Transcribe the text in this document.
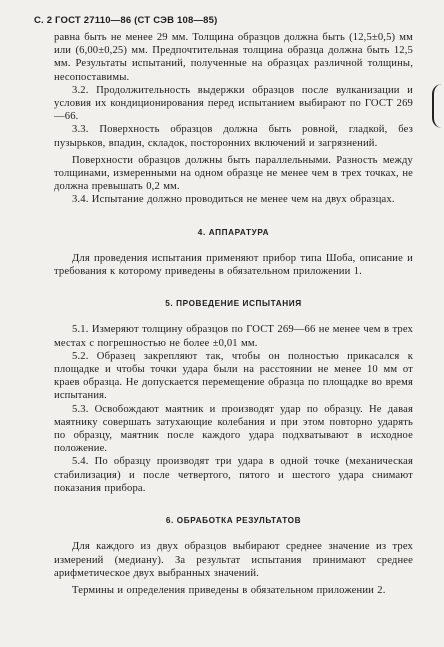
С. 2 ГОСТ 27110—86 (СТ СЭВ 108—85)

равна быть не менее 29 мм. Толщина образцов должна быть (12,5±0,5) мм или (6,00±0,25) мм. Предпочтительная толщина образца должна быть 12,5 мм. Результаты испытаний, полученные на образцах различной толщины, несопоставимы.

3.2. Продолжительность выдержки образцов после вулканизации и условия их кондиционирования перед испытанием выбирают по ГОСТ 269—66.

3.3. Поверхность образцов должна быть ровной, гладкой, без пузырьков, впадин, складок, посторонних включений и загрязнений.

Поверхности образцов должны быть параллельными. Разность между толщинами, измеренными на одном образце не менее чем в трех точках, не должна превышать 0,2 мм.

3.4. Испытание должно проводиться не менее чем на двух образцах.

4. АППАРАТУРА

Для проведения испытания применяют прибор типа Шоба, описание и требования к которому приведены в обязательном приложении 1.

5. ПРОВЕДЕНИЕ ИСПЫТАНИЯ

5.1. Измеряют толщину образцов по ГОСТ 269—66 не менее чем в трех местах с погрешностью не более ±0,01 мм.

5.2. Образец закрепляют так, чтобы он полностью прикасался к площадке и чтобы точки удара были на расстоянии не менее 10 мм от краев образца. Не допускается перемещение образца по площадке во время испытания.

5.3. Освобождают маятник и производят удар по образцу. Не давая маятнику совершать затухающие колебания и при этом повторно ударять по образцу, маятник после каждого удара подхватывают в исходное положение.

5.4. По образцу производят три удара в одной точке (механическая стабилизация) и после четвертого, пятого и шестого удара снимают показания прибора.

6. ОБРАБОТКА РЕЗУЛЬТАТОВ

Для каждого из двух образцов выбирают среднее значение из трех измерений (медиану). За результат испытания принимают среднее арифметическое двух выбранных значений.

Термины и определения приведены в обязательном приложении 2.
